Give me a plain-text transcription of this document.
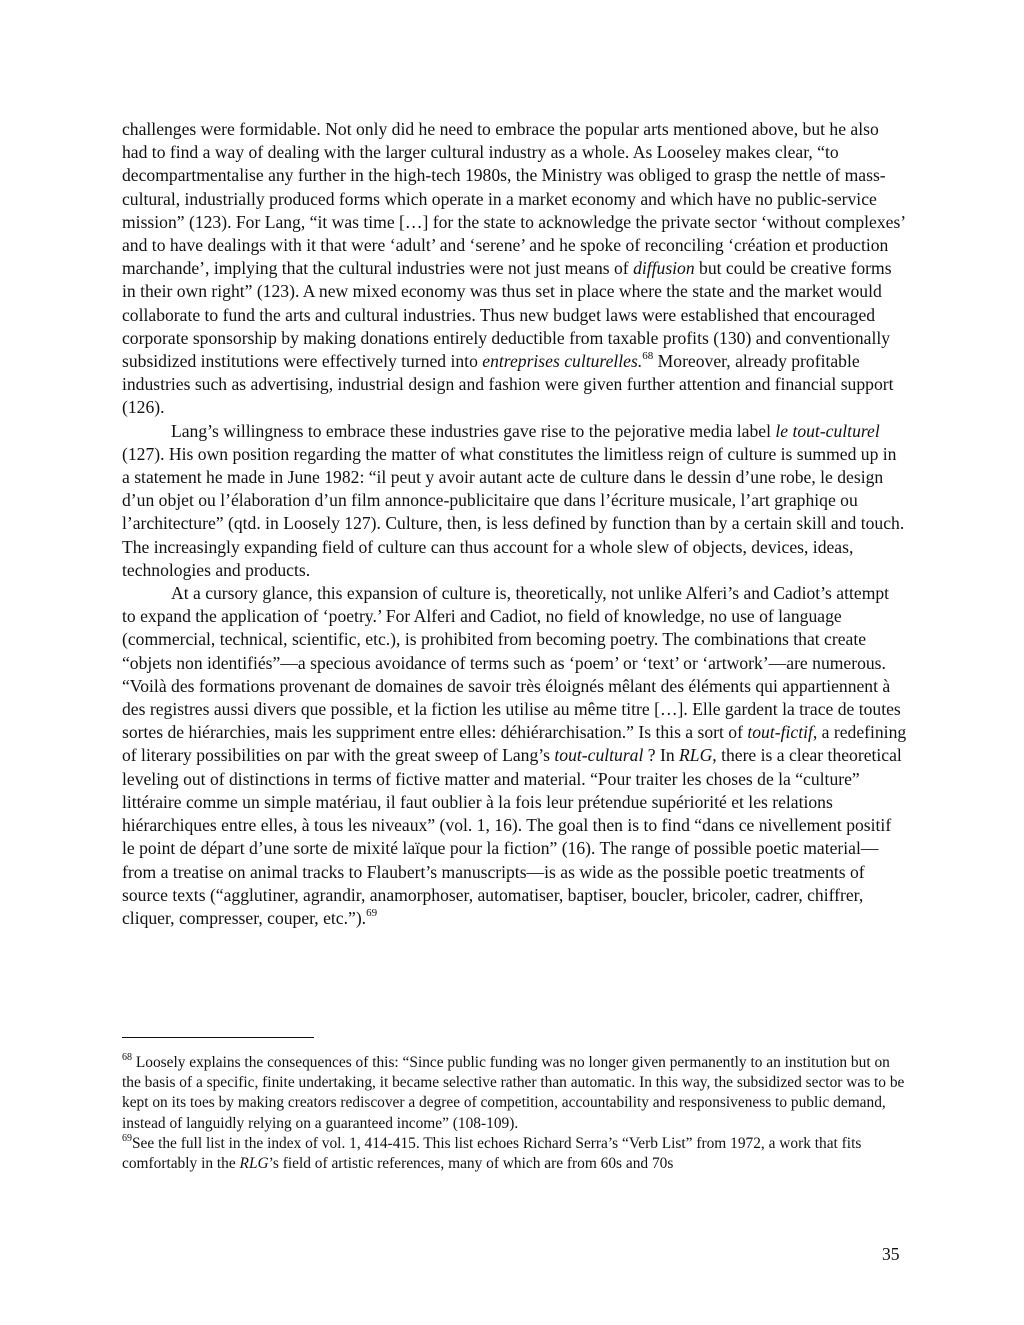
challenges were formidable. Not only did he need to embrace the popular arts mentioned above, but he also had to find a way of dealing with the larger cultural industry as a whole. As Looseley makes clear, “to decompartmentalise any further in the high-tech 1980s, the Ministry was obliged to grasp the nettle of mass-cultural, industrially produced forms which operate in a market economy and which have no public-service mission” (123). For Lang, “it was time […] for the state to acknowledge the private sector ‘without complexes’ and to have dealings with it that were ‘adult’ and ‘serene’ and he spoke of reconciling ‘création et production marchande’, implying that the cultural industries were not just means of diffusion but could be creative forms in their own right” (123). A new mixed economy was thus set in place where the state and the market would collaborate to fund the arts and cultural industries. Thus new budget laws were established that encouraged corporate sponsorship by making donations entirely deductible from taxable profits (130) and conventionally subsidized institutions were effectively turned into entreprises culturelles.$^{68}$ Moreover, already profitable industries such as advertising, industrial design and fashion were given further attention and financial support (126).

Lang’s willingness to embrace these industries gave rise to the pejorative media label le tout-culturel (127). His own position regarding the matter of what constitutes the limitless reign of culture is summed up in a statement he made in June 1982: “il peut y avoir autant acte de culture dans le dessin d’une robe, le design d’un objet ou l’élaboration d’un film annonce-publicitaire que dans l’écriture musicale, l’art graphiqe ou l’architecture” (qtd. in Loosely 127). Culture, then, is less defined by function than by a certain skill and touch. The increasingly expanding field of culture can thus account for a whole slew of objects, devices, ideas, technologies and products.

At a cursory glance, this expansion of culture is, theoretically, not unlike Alferi’s and Cadiot’s attempt to expand the application of ‘poetry.’ For Alferi and Cadiot, no field of knowledge, no use of language (commercial, technical, scientific, etc.), is prohibited from becoming poetry. The combinations that create “objets non identifiés”—a specious avoidance of terms such as ‘poem’ or ‘text’ or ‘artwork’—are numerous. “Voilà des formations provenant de domaines de savoir très éloignés mêlant des éléments qui appartiennent à des registres aussi divers que possible, et la fiction les utilise au même titre […]. Elle gardent la trace de toutes sortes de hiérarchies, mais les suppriment entre elles: déhiérarchisation.” Is this a sort of tout-fictif, a redefining of literary possibilities on par with the great sweep of Lang’s tout-cultural ? In RLG, there is a clear theoretical leveling out of distinctions in terms of fictive matter and material. “Pour traiter les choses de la “culture” littéraire comme un simple matériau, il faut oublier à la fois leur prétendue supériorité et les relations hiérarchiques entre elles, à tous les niveaux” (vol. 1, 16). The goal then is to find “dans ce nivellement positif le point de départ d’une sorte de mixité laïque pour la fiction” (16). The range of possible poetic material—from a treatise on animal tracks to Flaubert’s manuscripts—is as wide as the possible poetic treatments of source texts (“agglutiner, agrandir, anamorphoser, automatiser, baptiser, boucler, bricoler, cadrer, chiffrer, cliquer, compresser, couper, etc.”).$^{69}$

$^{68}$ Loosely explains the consequences of this: “Since public funding was no longer given permanently to an institution but on the basis of a specific, finite undertaking, it became selective rather than automatic. In this way, the subsidized sector was to be kept on its toes by making creators rediscover a degree of competition, accountability and responsiveness to public demand, instead of languidly relying on a guaranteed income” (108-109).

$^{69}$See the full list in the index of vol. 1, 414-415. This list echoes Richard Serra’s “Verb List” from 1972, a work that fits comfortably in the RLG’s field of artistic references, many of which are from 60s and 70s

35
